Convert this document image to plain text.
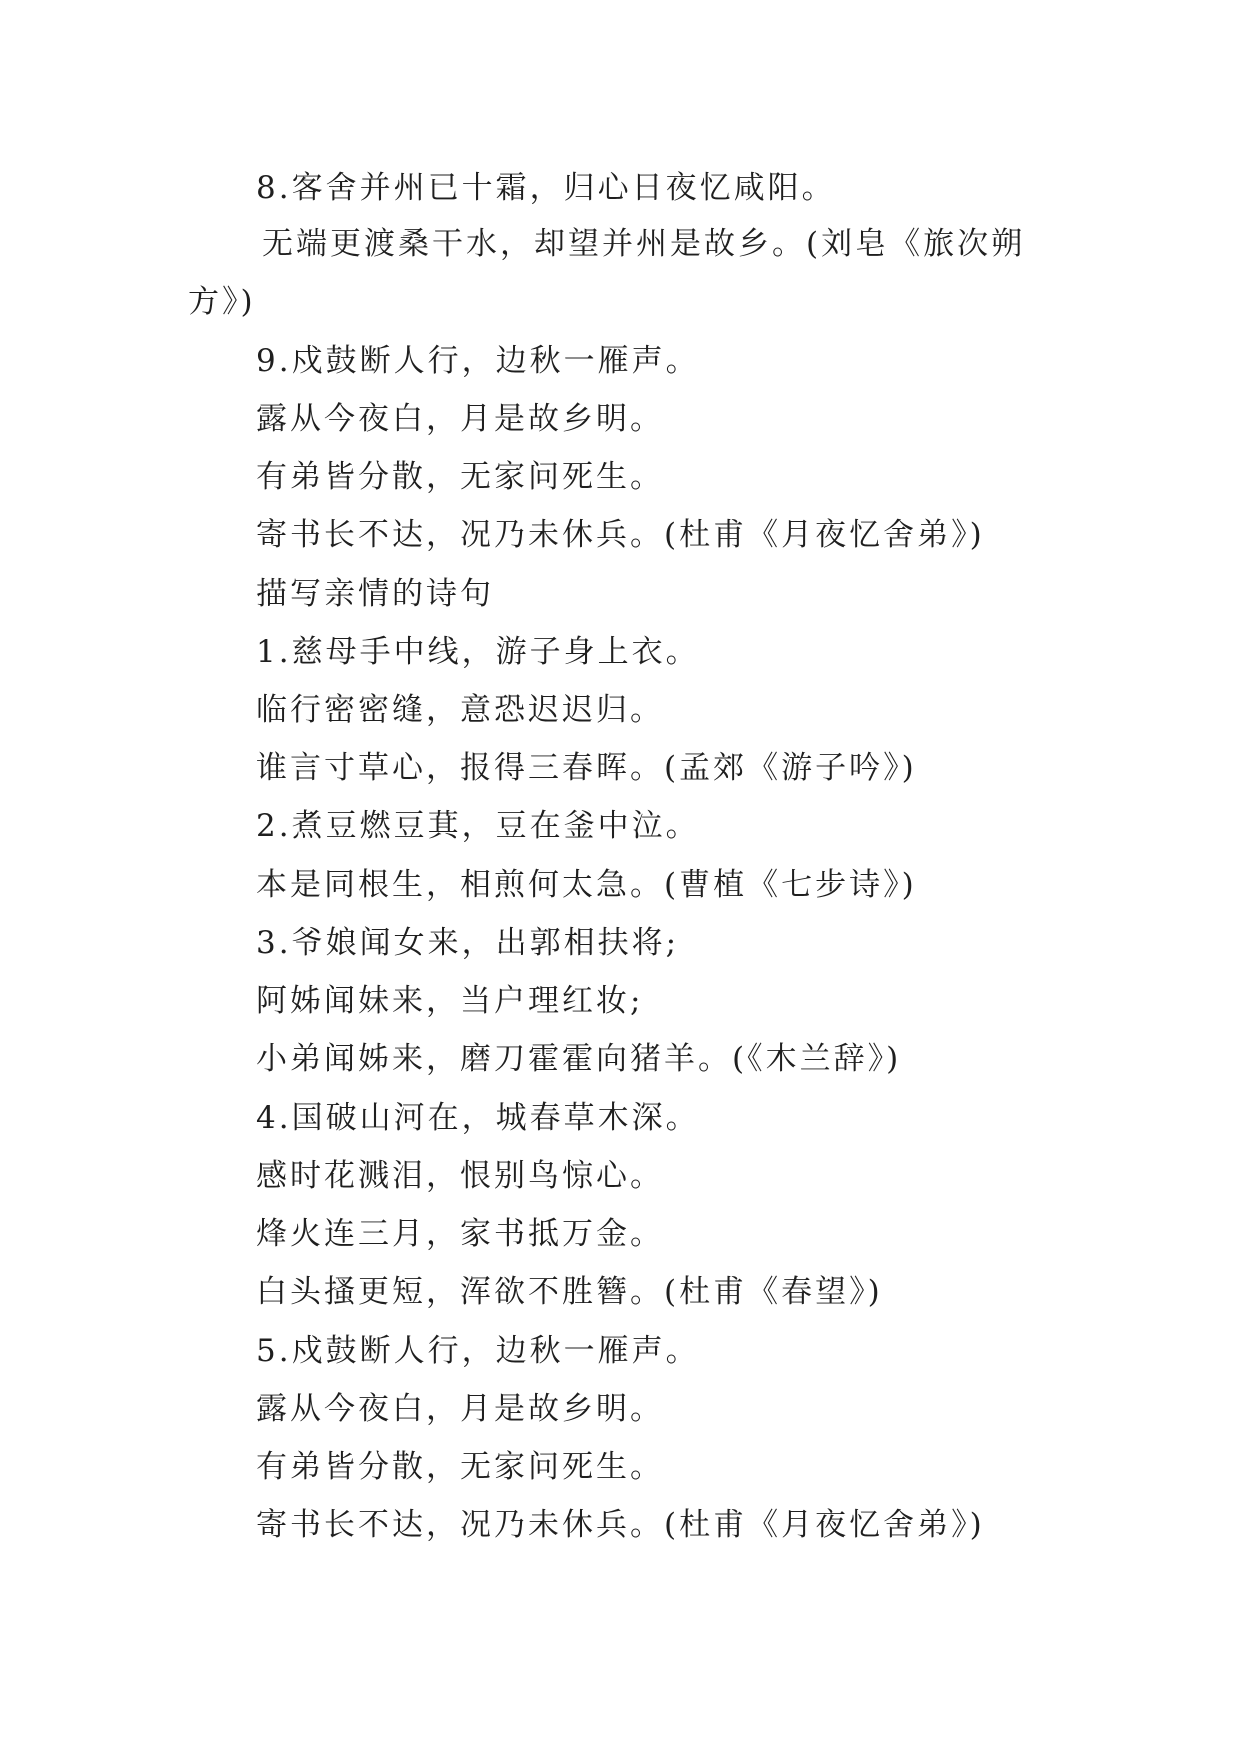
8.客舍并州已十霜，归心日夜忆咸阳。
无端更渡桑干水，却望并州是故乡。(刘皂《旅次朔
方》)
9.戍鼓断人行，边秋一雁声。
露从今夜白，月是故乡明。
有弟皆分散，无家问死生。
寄书长不达，况乃未休兵。(杜甫《月夜忆舍弟》)
描写亲情的诗句
1.慈母手中线，游子身上衣。
临行密密缝，意恐迟迟归。
谁言寸草心，报得三春晖。(孟郊《游子吟》)
2.煮豆燃豆萁，豆在釜中泣。
本是同根生，相煎何太急。(曹植《七步诗》)
3.爷娘闻女来，出郭相扶将;
阿姊闻妹来，当户理红妆;
小弟闻姊来，磨刀霍霍向猪羊。(《木兰辞》)
4.国破山河在，城春草木深。
感时花溅泪，恨别鸟惊心。
烽火连三月，家书抵万金。
白头搔更短，浑欲不胜簪。(杜甫《春望》)
5.戍鼓断人行，边秋一雁声。
露从今夜白，月是故乡明。
有弟皆分散，无家问死生。
寄书长不达，况乃未休兵。(杜甫《月夜忆舍弟》)
